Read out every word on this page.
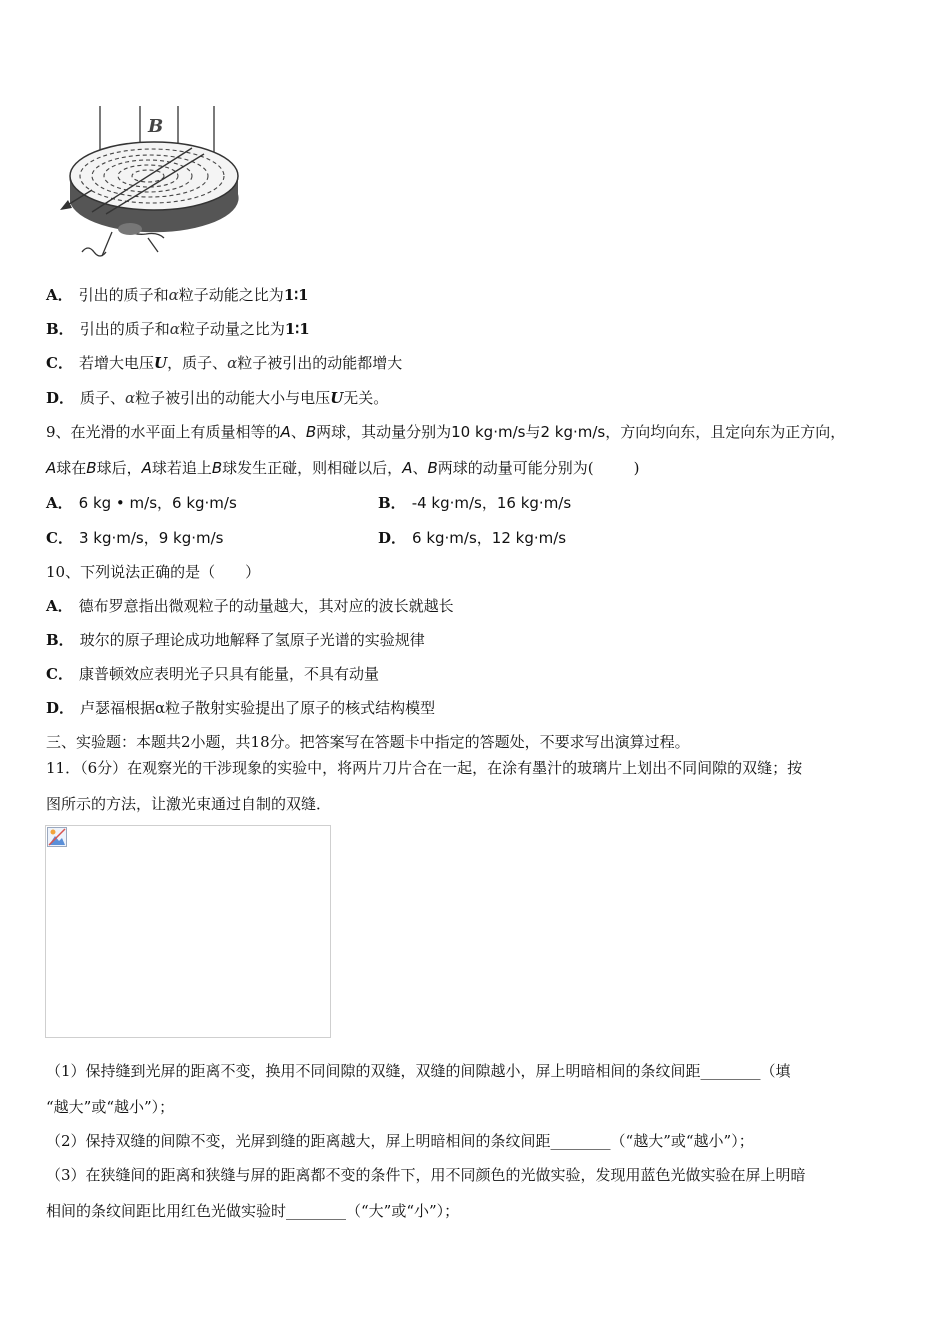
B
A． 引出的质子和α粒子动能之比为1∶1
B． 引出的质子和α粒子动量之比为1∶1
C． 若增大电压U，质子、α粒子被引出的动能都增大
D． 质子、α粒子被引出的动能大小与电压U无关。
9、在光滑的水平面上有质量相等的A、B两球，其动量分别为10 kg·m/s与2 kg·m/s，方向均向东，且定向东为正方向，
A球在B球后，A球若追上B球发生正碰，则相碰以后，A、B两球的动量可能分别为(	)
A． 6 kg • m/s，6 kg·m/s	B． -4 kg·m/s，16 kg·m/s
C． 3 kg·m/s，9 kg·m/s	D． 6 kg·m/s，12 kg·m/s
10、下列说法正确的是（　　）
A． 德布罗意指出微观粒子的动量越大，其对应的波长就越长
B． 玻尔的原子理论成功地解释了氢原子光谱的实验规律
C． 康普顿效应表明光子只具有能量，不具有动量
D． 卢瑟福根据α粒子散射实验提出了原子的核式结构模型
三、实验题：本题共2小题，共18分。把答案写在答题卡中指定的答题处，不要求写出演算过程。
11．（6分）在观察光的干涉现象的实验中，将两片刀片合在一起，在涂有墨汁的玻璃片上划出不同间隙的双缝；按
图所示的方法，让激光束通过自制的双缝．
（1）保持缝到光屏的距离不变，换用不同间隙的双缝，双缝的间隙越小，屏上明暗相间的条纹间距________（填
“越大”或“越小”）；
（2）保持双缝的间隙不变，光屏到缝的距离越大，屏上明暗相间的条纹间距________（“越大”或“越小”）；
（3）在狭缝间的距离和狭缝与屏的距离都不变的条件下，用不同颜色的光做实验，发现用蓝色光做实验在屏上明暗
相间的条纹间距比用红色光做实验时________（“大”或“小”）；
